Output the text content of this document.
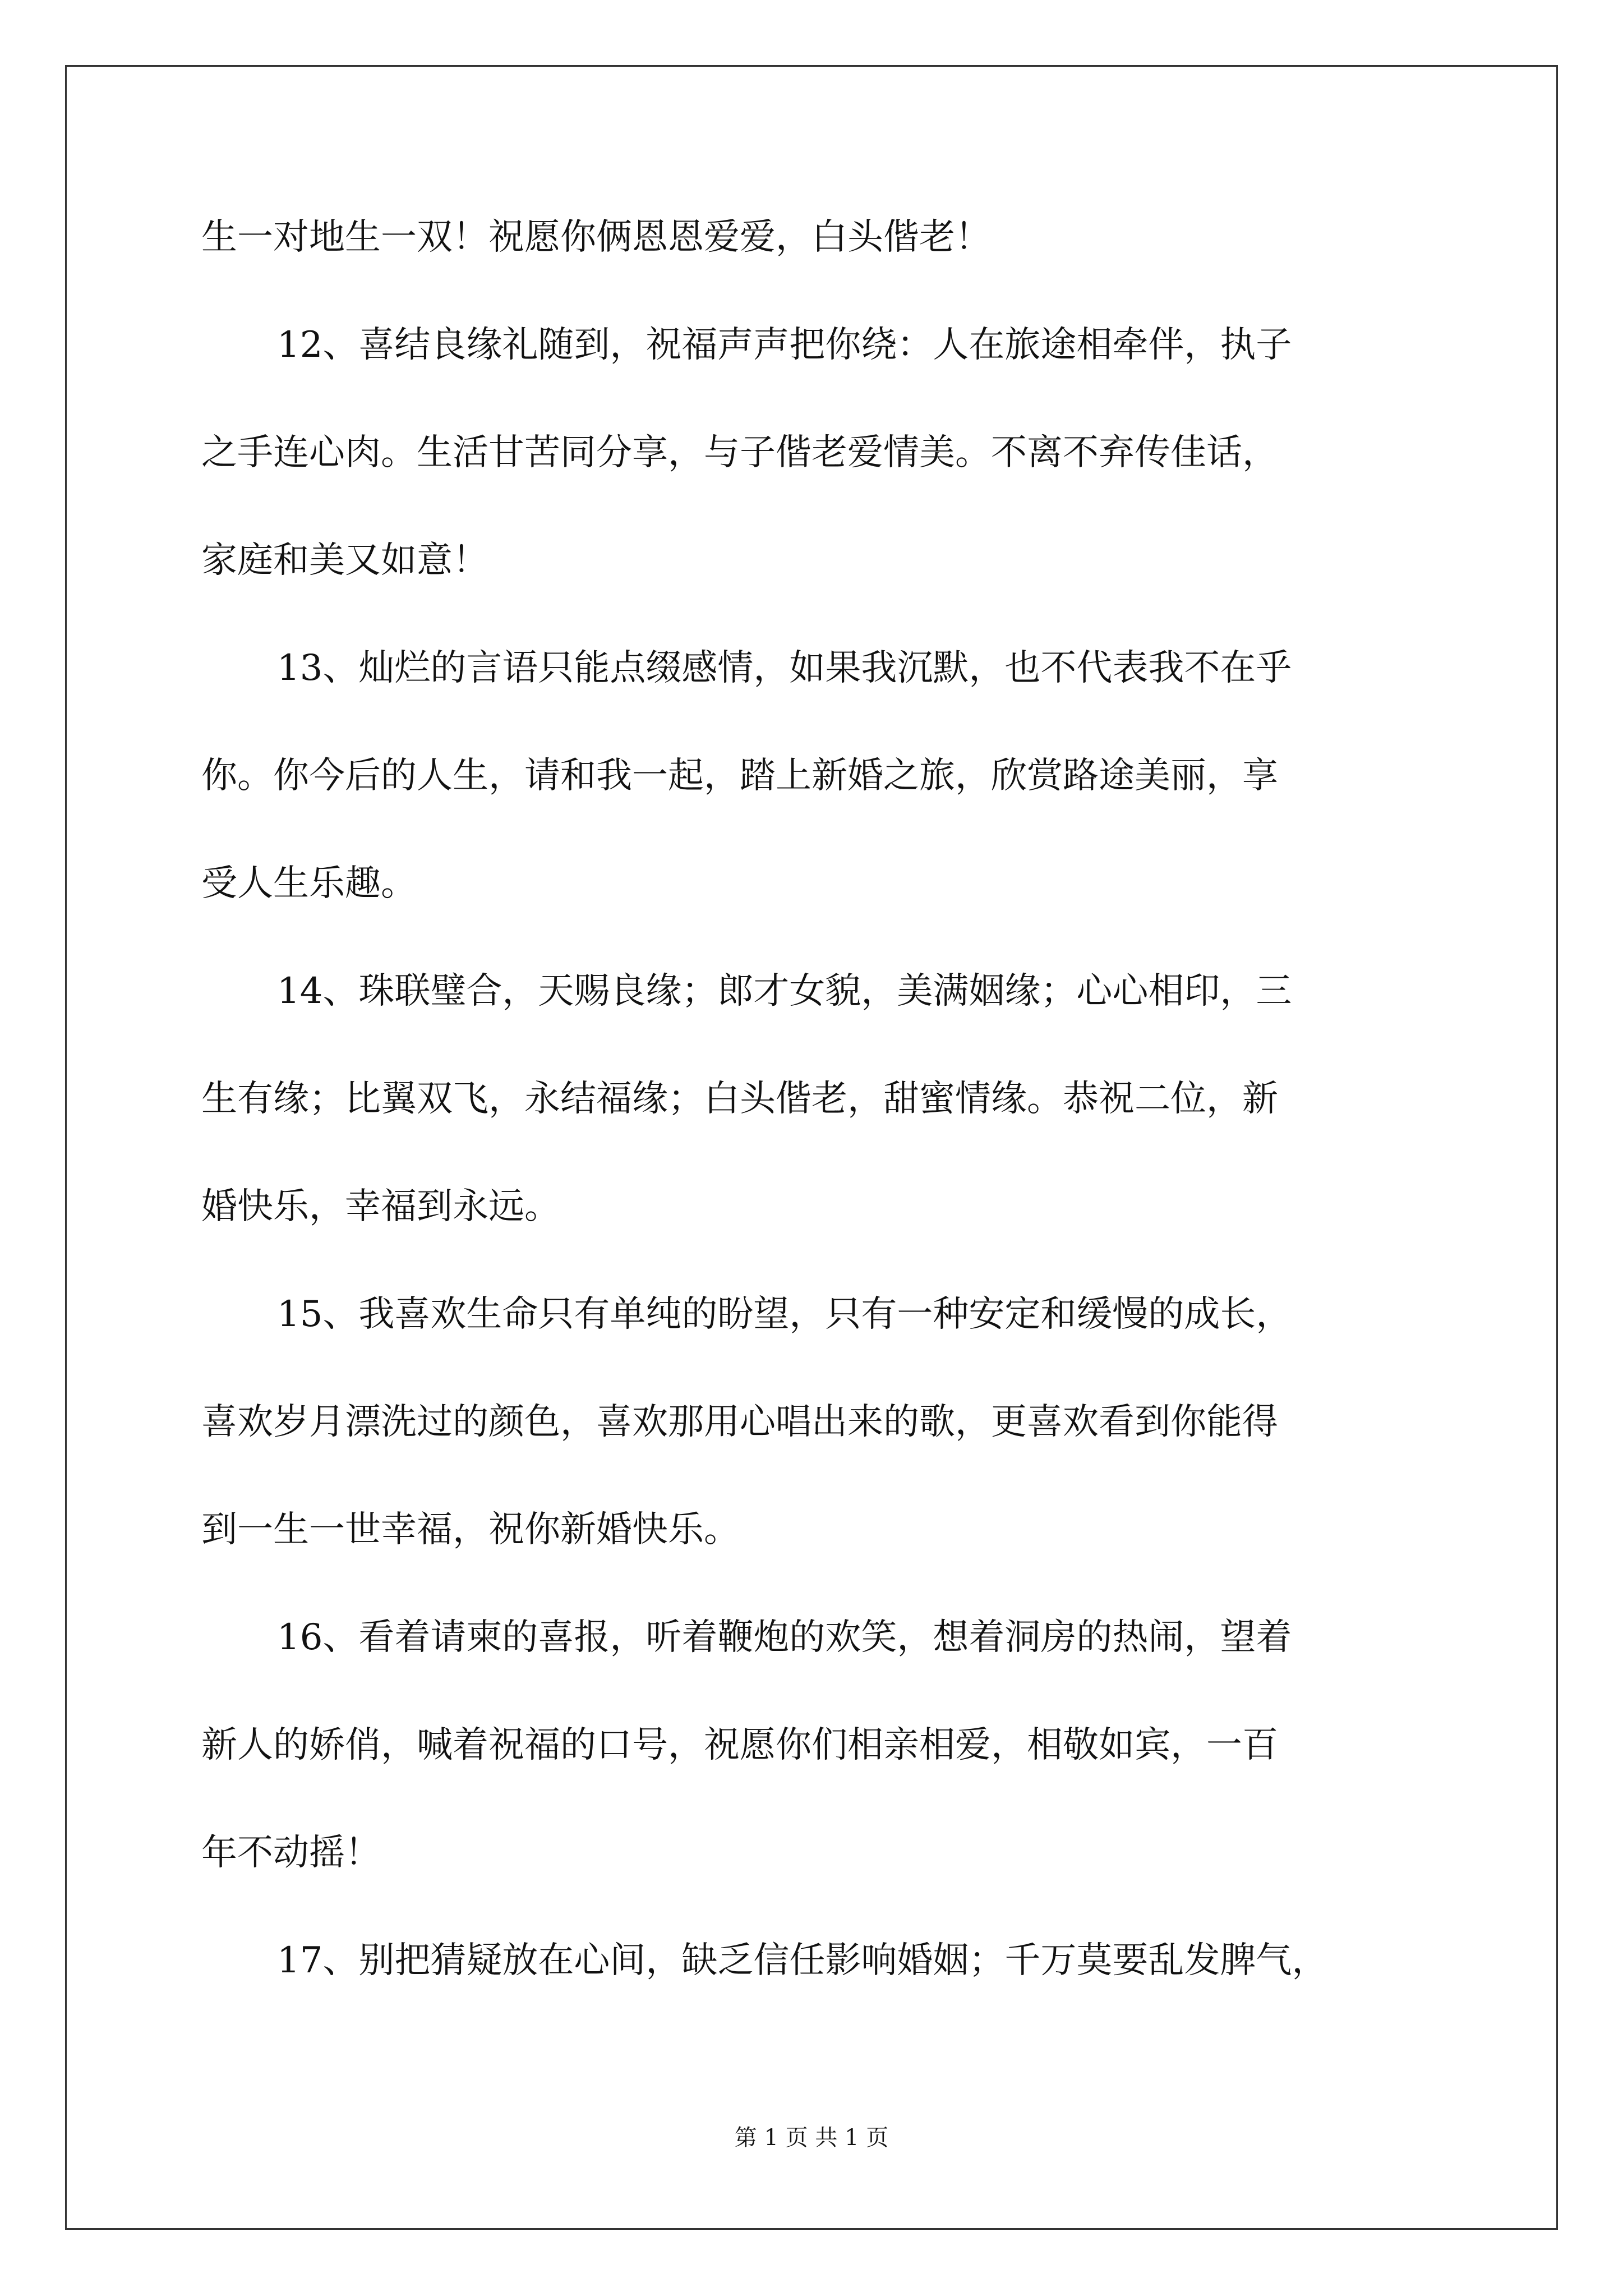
生一对地生一双！祝愿你俩恩恩爱爱，白头偕老！
12、喜结良缘礼随到，祝福声声把你绕：人在旅途相牵伴，执子
之手连心肉。生活甘苦同分享，与子偕老爱情美。不离不弃传佳话，
家庭和美又如意！
13、灿烂的言语只能点缀感情，如果我沉默，也不代表我不在乎
你。你今后的人生，请和我一起，踏上新婚之旅，欣赏路途美丽，享
受人生乐趣。
14、珠联璧合，天赐良缘；郎才女貌，美满姻缘；心心相印，三
生有缘；比翼双飞，永结福缘；白头偕老，甜蜜情缘。恭祝二位，新
婚快乐，幸福到永远。
15、我喜欢生命只有单纯的盼望，只有一种安定和缓慢的成长，
喜欢岁月漂洗过的颜色，喜欢那用心唱出来的歌，更喜欢看到你能得
到一生一世幸福，祝你新婚快乐。
16、看着请柬的喜报，听着鞭炮的欢笑，想着洞房的热闹，望着
新人的娇俏，喊着祝福的口号，祝愿你们相亲相爱，相敬如宾，一百
年不动摇！
17、别把猜疑放在心间，缺乏信任影响婚姻；千万莫要乱发脾气，
第 1 页 共 1 页
